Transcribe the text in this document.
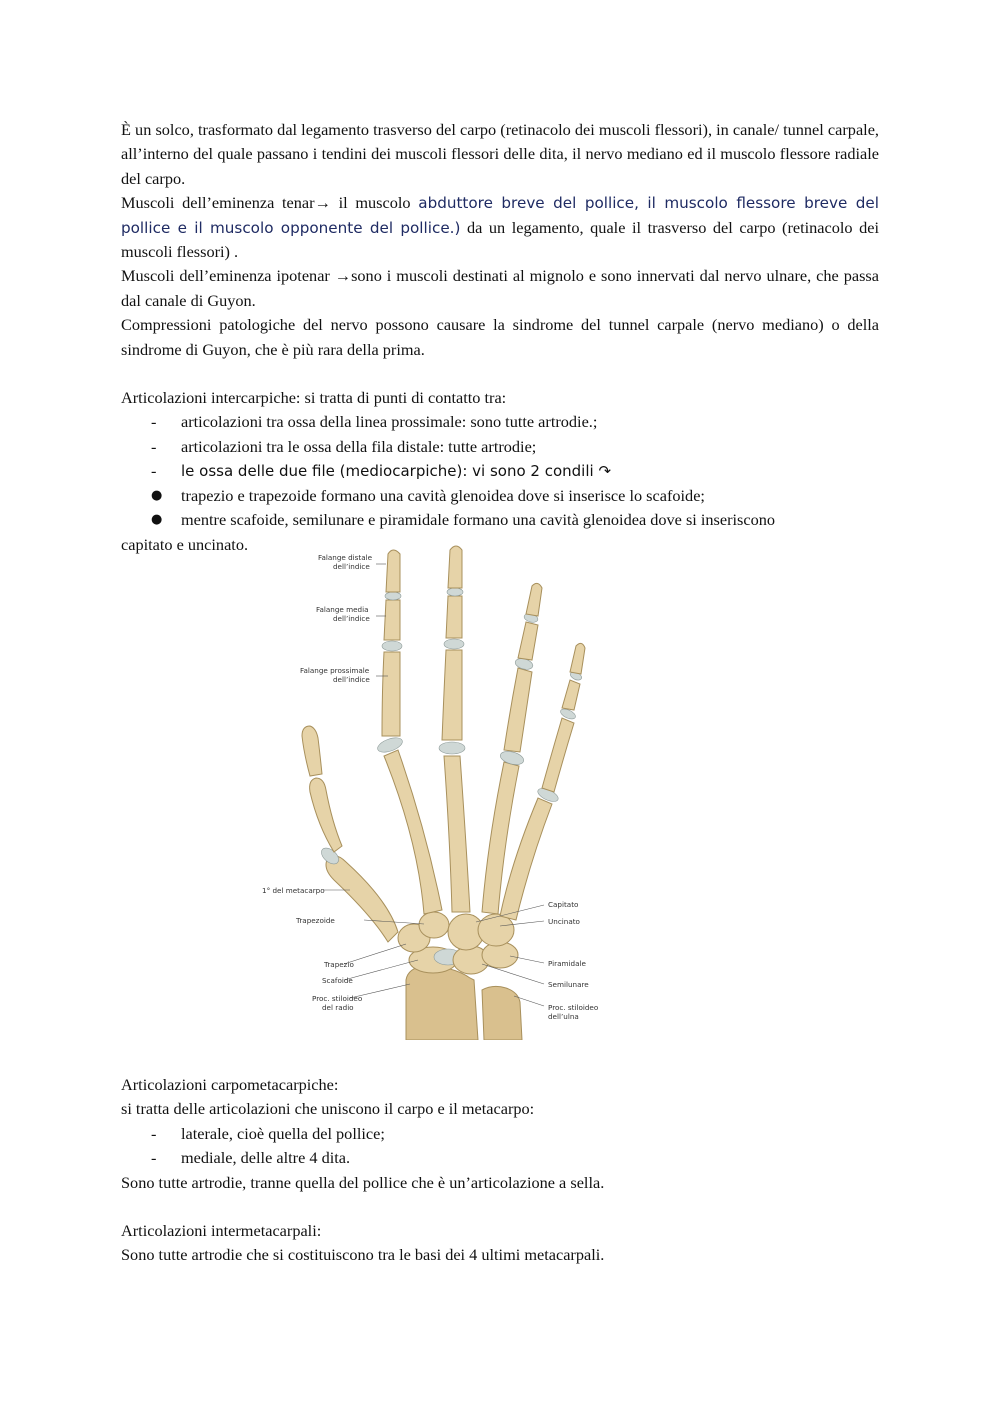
È un solco, trasformato dal legamento trasverso del carpo (retinacolo dei muscoli flessori), in canale/ tunnel carpale, all’interno del quale passano i tendini dei muscoli flessori delle dita, il nervo mediano ed il muscolo flessore radiale del carpo.

Muscoli dell’eminenza tenar→ il muscolo abduttore breve del pollice, il muscolo flessore breve del pollice e il muscolo opponente del pollice.) da un legamento, quale il trasverso del carpo (retinacolo dei muscoli flessori) .

Muscoli dell’eminenza ipotenar →sono i muscoli destinati al mignolo e sono innervati dal nervo ulnare, che passa dal canale di Guyon.

Compressioni patologiche del nervo possono causare la sindrome del tunnel carpale (nervo mediano) o della sindrome di Guyon, che è più rara della prima.

Articolazioni intercarpiche: si tratta di punti di contatto tra:

-	articolazioni tra ossa della linea prossimale: sono tutte artrodie.;
-	articolazioni tra le ossa della fila distale: tutte artrodie;
-	le ossa delle due file (mediocarpiche): vi sono 2 condili ↷
● trapezio e trapezoide formano una cavità glenoidea dove si inserisce lo scafoide;
● mentre scafoide, semilunare e piramidale formano una cavità glenoidea dove si inseriscono

capitato e uncinato.

Falange distale
dell’indice
Falange media
dell’indice
Falange prossimale
dell’indice
1° del metacarpo
Trapezoide
Trapezio
Scafoide
Proc. stiloideo
del radio
Capitato
Uncinato
Piramidale
Semilunare
Proc. stiloideo
dell’ulna

Articolazioni carpometacarpiche:

si tratta delle articolazioni che uniscono il carpo e il metacarpo:

-	laterale, cioè quella del pollice;
-	mediale, delle altre 4 dita.

Sono tutte artrodie, tranne quella del pollice che è un’articolazione a sella.

Articolazioni intermetacarpali:

Sono tutte artrodie che si costituiscono tra le basi dei 4 ultimi metacarpali.
